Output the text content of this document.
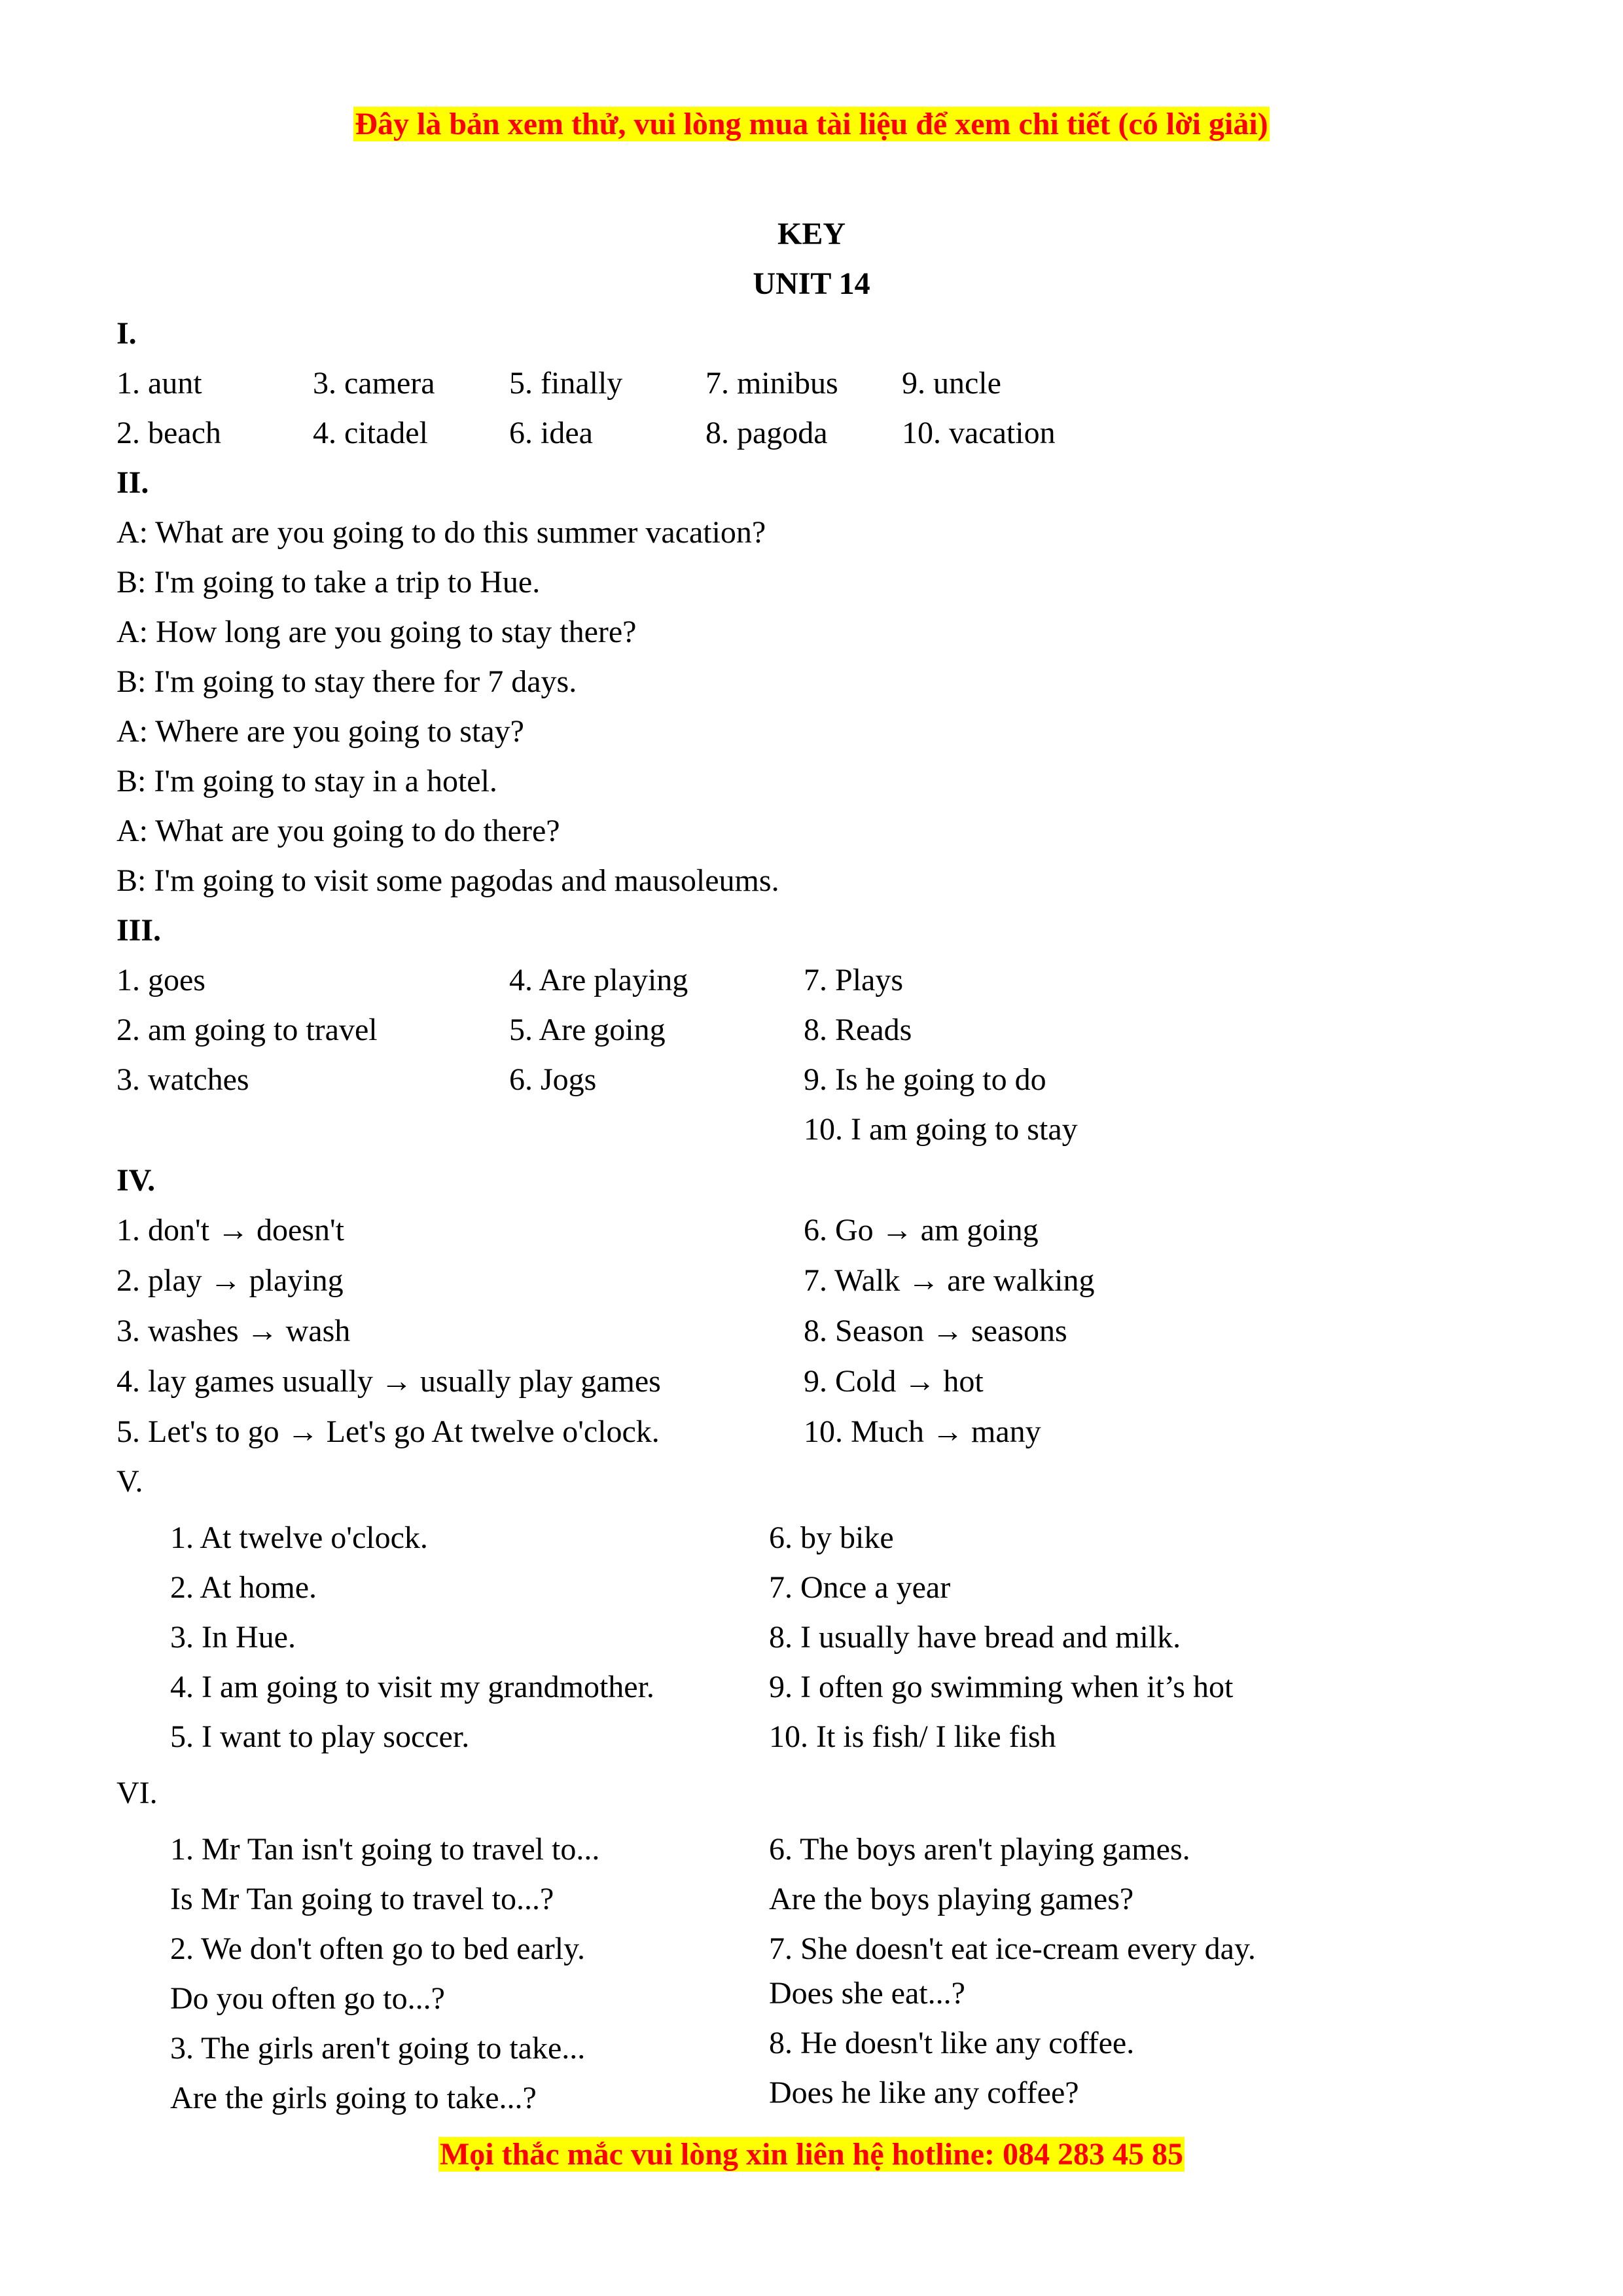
Đây là bản xem thử, vui lòng mua tài liệu để xem chi tiết (có lời giải)
KEY
UNIT 14
I.
1. aunt
2. beach
3. camera
4. citadel
5. finally
6. idea
7. minibus
8. pagoda
9. uncle
10. vacation
II.
A: What are you going to do this summer vacation?
B: I'm going to take a trip to Hue.
A: How long are you going to stay there?
B: I'm going to stay there for 7 days.
A: Where are you going to stay?
B: I'm going to stay in a hotel.
A: What are you going to do there?
B: I'm going to visit some pagodas and mausoleums.
III.
1. goes
2. am going to travel
3. watches
4. Are playing
5. Are going
6. Jogs
7. Plays
8. Reads
9. Is he going to do
10. I am going to stay
IV.
1. don't → doesn't
2. play → playing
3. washes → wash
4. lay games usually → usually play games
5. Let's to go → Let's go At twelve o'clock.
6. Go → am going
7. Walk → are walking
8. Season → seasons
9. Cold → hot
10. Much → many
V.
1. At twelve o'clock.
2. At home.
3. In Hue.
4. I am going to visit my grandmother.
5. I want to play soccer.
6. by bike
7. Once a year
8. I usually have bread and milk.
9. I often go swimming when it’s hot
10. It is fish/ I like fish
VI.
1. Mr Tan isn't going to travel to...
Is Mr Tan going to travel to...?
2. We don't often go to bed early.
Do you often go to...?
3. The girls aren't going to take...
Are the girls going to take...?
6. The boys aren't playing games.
Are the boys playing games?
7. She doesn't eat ice-cream every day.
Does she eat...?
8. He doesn't like any coffee.
Does he like any coffee?
Mọi thắc mắc vui lòng xin liên hệ hotline: 084 283 45 85
